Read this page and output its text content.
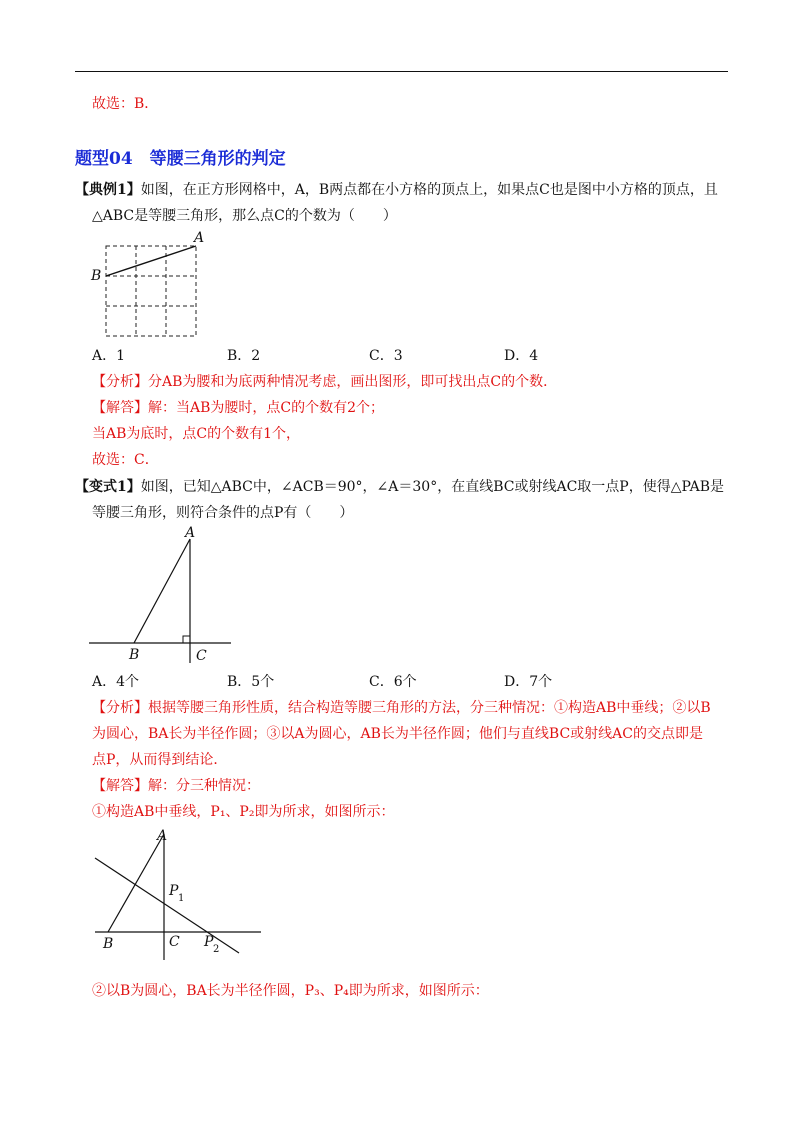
故选：B．
题型04　等腰三角形的判定
【典例1】如图，在正方形网格中，A，B两点都在小方格的顶点上，如果点C也是图中小方格的顶点，且
△ABC是等腰三角形，那么点C的个数为（　　）
A
B
A．1	B．2	C．3	D．4
【分析】分AB为腰和为底两种情况考虑，画出图形，即可找出点C的个数．
【解答】解：当AB为腰时，点C的个数有2个；
当AB为底时，点C的个数有1个，
故选：C．
【变式1】如图，已知△ABC中，∠ACB＝90°，∠A＝30°，在直线BC或射线AC取一点P，使得△PAB是
等腰三角形，则符合条件的点P有（　　）
A
B	C
A．4个	B．5个	C．6个	D．7个
【分析】根据等腰三角形性质，结合构造等腰三角形的方法，分三种情况：①构造AB中垂线；②以B
为圆心，BA长为半径作圆；③以A为圆心，AB长为半径作圆；他们与直线BC或射线AC的交点即是
点P，从而得到结论．
【解答】解：分三种情况：
①构造AB中垂线，P₁、P₂即为所求，如图所示：
A
B	C
P 1
P 2
②以B为圆心，BA长为半径作圆，P₃、P₄即为所求，如图所示：
